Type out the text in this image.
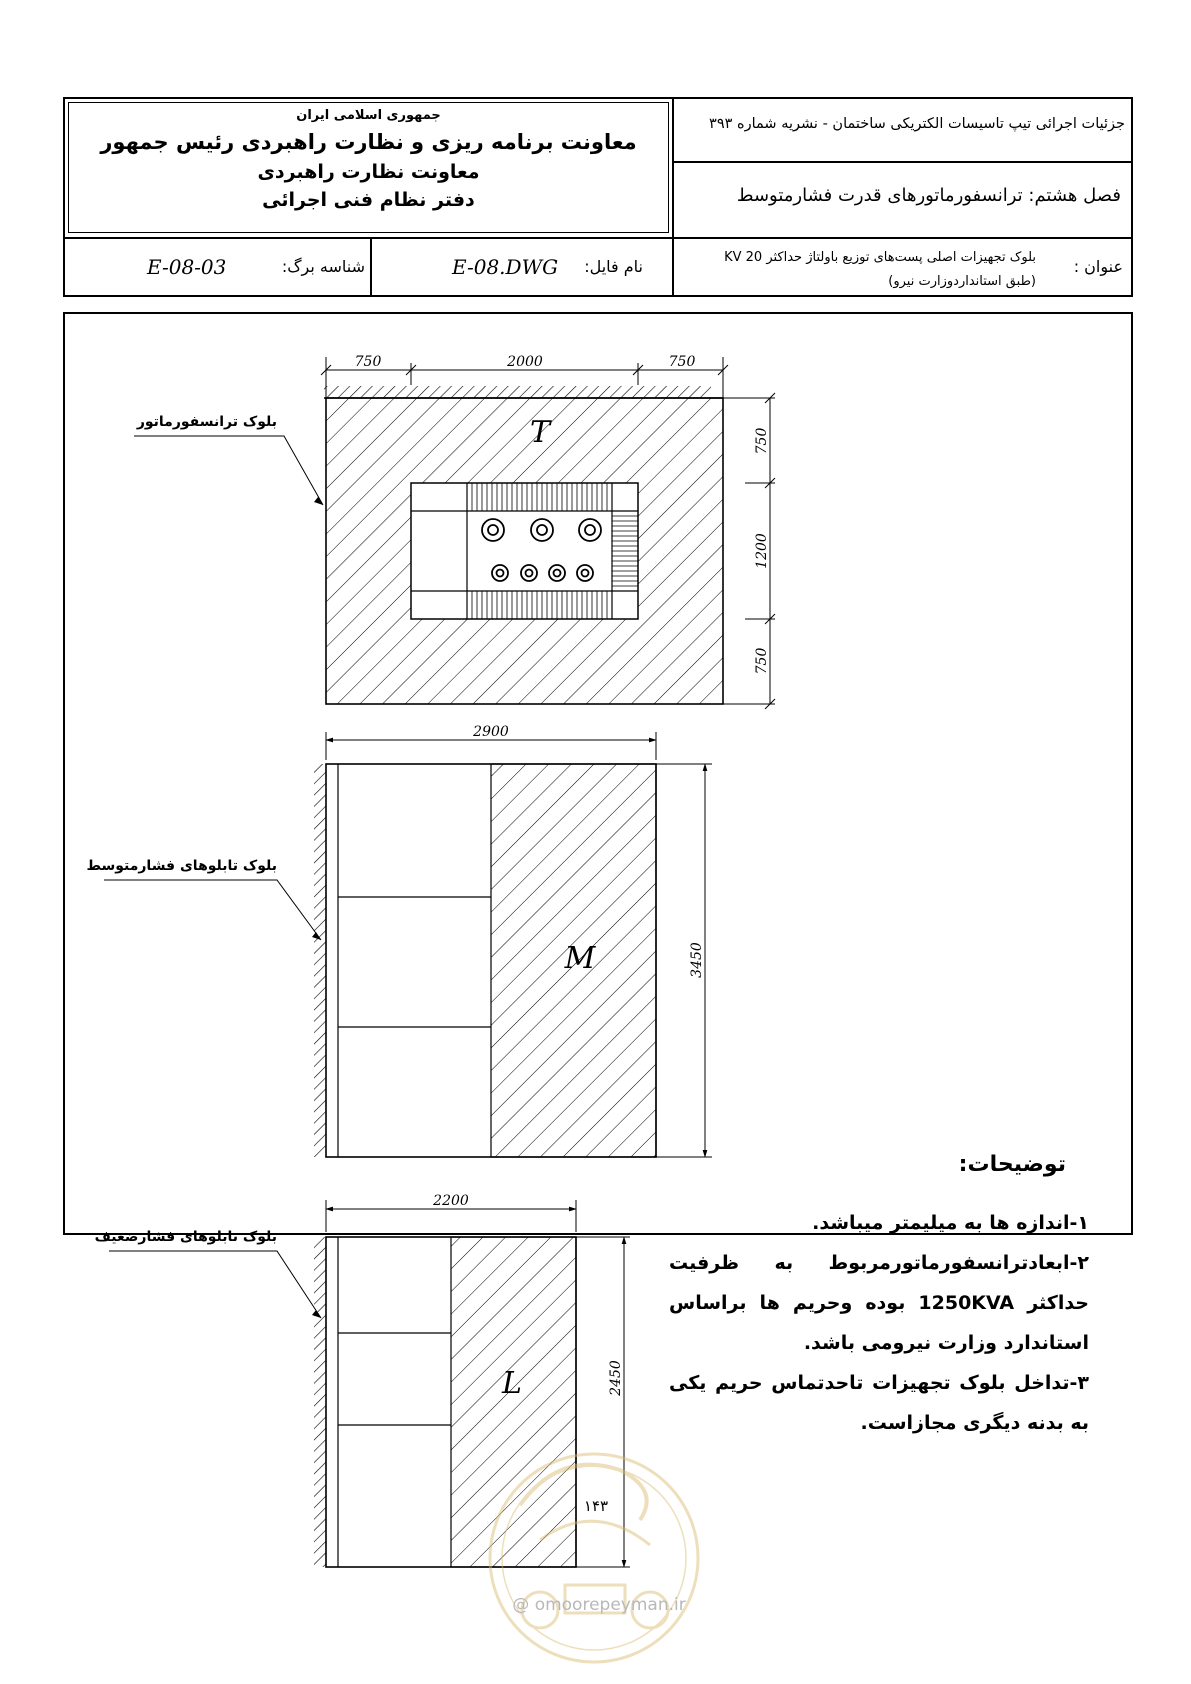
جمهوری اسلامی ایران
معاونت برنامه ریزی و نظارت راهبردی رئیس جمهور
معاونت نظارت راهبردی
دفتر نظام فنی اجرائی
جزئیات اجرائی تیپ تاسیسات الکتریکی ساختمان - نشریه شماره ۳۹۳
فصل هشتم: ترانسفورماتورهای قدرت فشارمتوسط
عنوان :
بلوک تجهیزات اصلی پست‌های توزیع باولتاژ حداکثر 20 KV
(طبق استانداردوزارت نیرو)
نام فایل:
E-08.DWG
شناسه برگ:
E-08-03
T
750	2000	750
750
1200
750
M
2900
3450
L
2200
2450
بلوک ترانسفورماتور
بلوک تابلوهای فشارمتوسط
بلوک تابلوهای فشارضعیف
توضیحات:
۱-اندازه ها به میلیمتر میباشد.
۲-ابعادترانسفورماتورمربوط به ظرفیت حداکثر 1250KVA بوده وحریم ها براساس استاندارد وزارت نیرومی باشد.
۳-تداخل بلوک تجهیزات تاحدتماس حریم یکی به بدنه دیگری مجازاست.
۱۴۳
@ omoorepeyman.ir
